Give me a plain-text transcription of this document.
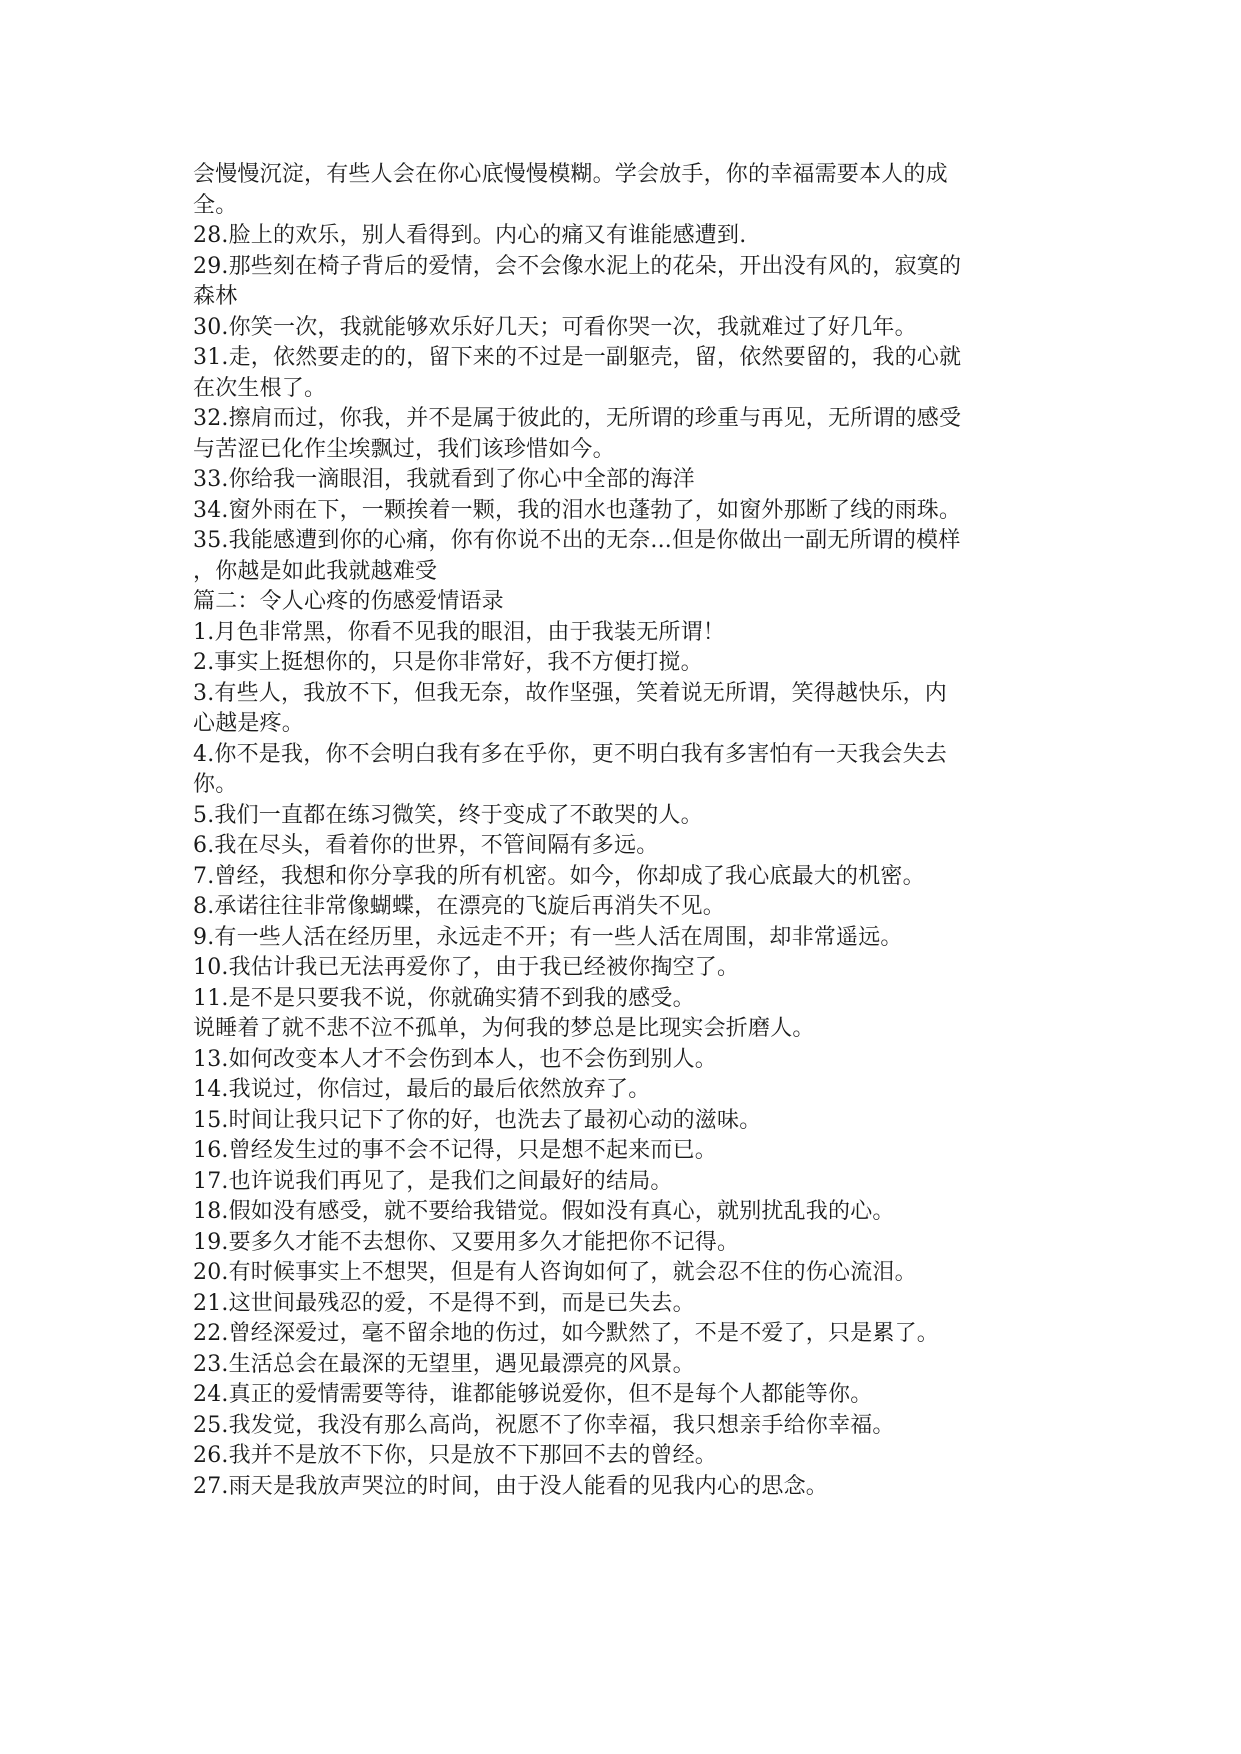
会慢慢沉淀，有些人会在你心底慢慢模糊。学会放手，你的幸福需要本人的成
全。
28.脸上的欢乐，别人看得到。内心的痛又有谁能感遭到.
29.那些刻在椅子背后的爱情，会不会像水泥上的花朵，开出没有风的，寂寞的
森林
30.你笑一次，我就能够欢乐好几天；可看你哭一次，我就难过了好几年。
31.走，依然要走的的，留下来的不过是一副躯壳，留，依然要留的，我的心就
在次生根了。
32.擦肩而过，你我，并不是属于彼此的，无所谓的珍重与再见，无所谓的感受
与苦涩已化作尘埃飘过，我们该珍惜如今。
33.你给我一滴眼泪，我就看到了你心中全部的海洋
34.窗外雨在下，一颗挨着一颗，我的泪水也蓬勃了，如窗外那断了线的雨珠。
35.我能感遭到你的心痛，你有你说不出的无奈...但是你做出一副无所谓的模样
，你越是如此我就越难受
篇二：令人心疼的伤感爱情语录
1.月色非常黑，你看不见我的眼泪，由于我装无所谓！
2.事实上挺想你的，只是你非常好，我不方便打搅。
3.有些人，我放不下，但我无奈，故作坚强，笑着说无所谓，笑得越快乐，内
心越是疼。
4.你不是我，你不会明白我有多在乎你，更不明白我有多害怕有一天我会失去
你。
5.我们一直都在练习微笑，终于变成了不敢哭的人。
6.我在尽头，看着你的世界，不管间隔有多远。
7.曾经，我想和你分享我的所有机密。如今，你却成了我心底最大的机密。
8.承诺往往非常像蝴蝶，在漂亮的飞旋后再消失不见。
9.有一些人活在经历里，永远走不开；有一些人活在周围，却非常遥远。
10.我估计我已无法再爱你了，由于我已经被你掏空了。
11.是不是只要我不说，你就确实猜不到我的感受。
说睡着了就不悲不泣不孤单，为何我的梦总是比现实会折磨人。
13.如何改变本人才不会伤到本人，也不会伤到别人。
14.我说过，你信过，最后的最后依然放弃了。
15.时间让我只记下了你的好，也洗去了最初心动的滋味。
16.曾经发生过的事不会不记得，只是想不起来而已。
17.也许说我们再见了，是我们之间最好的结局。
18.假如没有感受，就不要给我错觉。假如没有真心，就别扰乱我的心。
19.要多久才能不去想你、又要用多久才能把你不记得。
20.有时候事实上不想哭，但是有人咨询如何了，就会忍不住的伤心流泪。
21.这世间最残忍的爱，不是得不到，而是已失去。
22.曾经深爱过，毫不留余地的伤过，如今默然了，不是不爱了，只是累了。
23.生活总会在最深的无望里，遇见最漂亮的风景。
24.真正的爱情需要等待，谁都能够说爱你，但不是每个人都能等你。
25.我发觉，我没有那么高尚，祝愿不了你幸福，我只想亲手给你幸福。
26.我并不是放不下你，只是放不下那回不去的曾经。
27.雨天是我放声哭泣的时间，由于没人能看的见我内心的思念。
